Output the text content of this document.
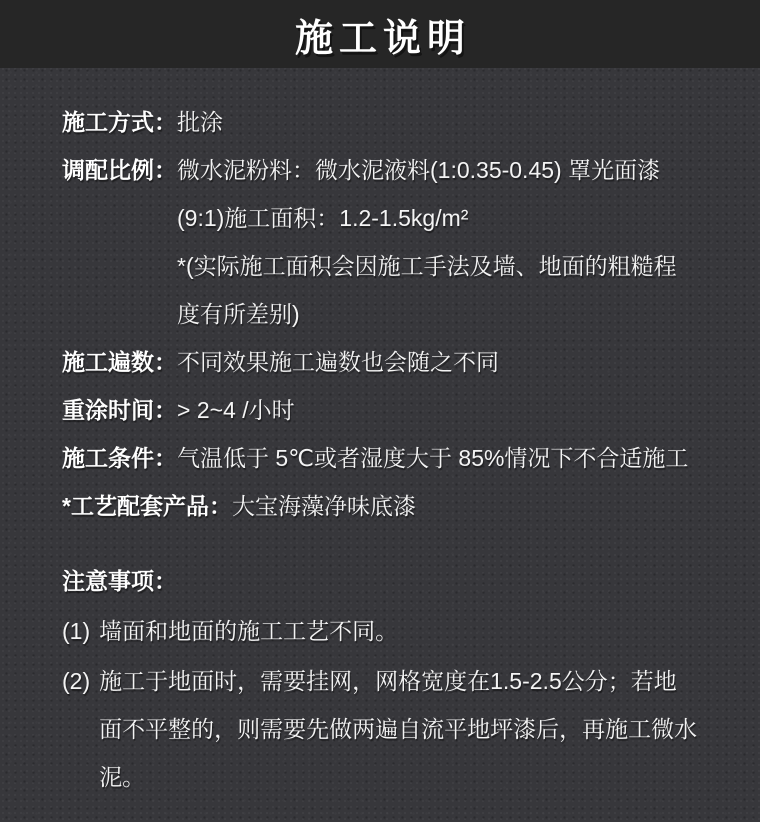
施工说明
施工方式： 批涂

调配比例： 微水泥粉料：微水泥液料(1:0.35-0.45) 罩光面漆(9:1)施工面积：1.2-1.5kg/m²

*(实际施工面积会因施工手法及墙、地面的粗糙程度有所差别)

施工遍数： 不同效果施工遍数也会随之不同

重涂时间： > 2~4 /小时

施工条件： 气温低于 5℃或者湿度大于 85%情况下不合适施工

*工艺配套产品： 大宝海藻净味底漆

注意事项：
(1) 墙面和地面的施工工艺不同。

(2) 施工于地面时，需要挂网，网格宽度在1.5-2.5公分；若地面不平整的，则需要先做两遍自流平地坪漆后，再施工微水泥。
